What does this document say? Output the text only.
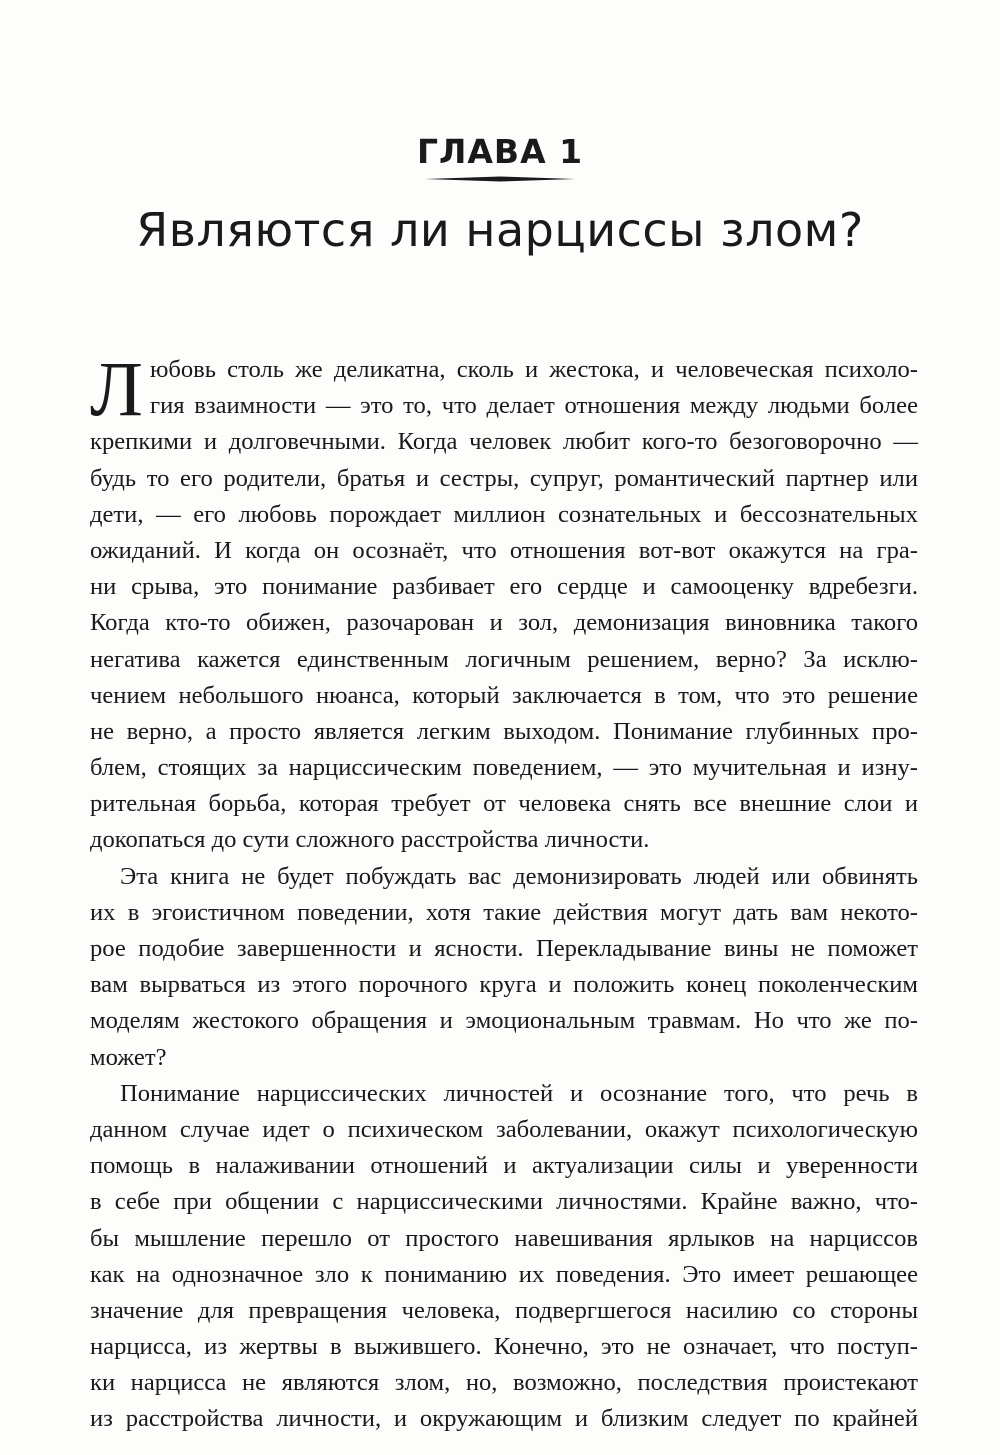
ГЛАВА 1
Являются ли нарциссы злом?
Л юбовь столь же деликатна, сколь и жестока, и человеческая психоло-
гия взаимности — это то, что делает отношения между людьми более
крепкими и долговечными. Когда человек любит кого-то безоговорочно —
будь то его родители, братья и сестры, супруг, романтический партнер или
дети, — его любовь порождает миллион сознательных и бессознательных
ожиданий. И когда он осознаёт, что отношения вот-вот окажутся на гра-
ни срыва, это понимание разбивает его сердце и самооценку вдребезги.
Когда кто-то обижен, разочарован и зол, демонизация виновника такого
негатива кажется единственным логичным решением, верно? За исклю-
чением небольшого нюанса, который заключается в том, что это решение
не верно, а просто является легким выходом. Понимание глубинных про-
блем, стоящих за нарциссическим поведением, — это мучительная и изну-
рительная борьба, которая требует от человека снять все внешние слои и
докопаться до сути сложного расстройства личности.
Эта книга не будет побуждать вас демонизировать людей или обвинять
их в эгоистичном поведении, хотя такие действия могут дать вам некото-
рое подобие завершенности и ясности. Перекладывание вины не поможет
вам вырваться из этого порочного круга и положить конец поколенческим
моделям жестокого обращения и эмоциональным травмам. Но что же по-
может?
Понимание нарциссических личностей и осознание того, что речь в
данном случае идет о психическом заболевании, окажут психологическую
помощь в налаживании отношений и актуализации силы и уверенности
в себе при общении с нарциссическими личностями. Крайне важно, что-
бы мышление перешло от простого навешивания ярлыков на нарциссов
как на однозначное зло к пониманию их поведения. Это имеет решающее
значение для превращения человека, подвергшегося насилию со стороны
нарцисса, из жертвы в выжившего. Конечно, это не означает, что поступ-
ки нарцисса не являются злом, но, возможно, последствия проистекают
из расстройства личности, и окружающим и близким следует по крайней
